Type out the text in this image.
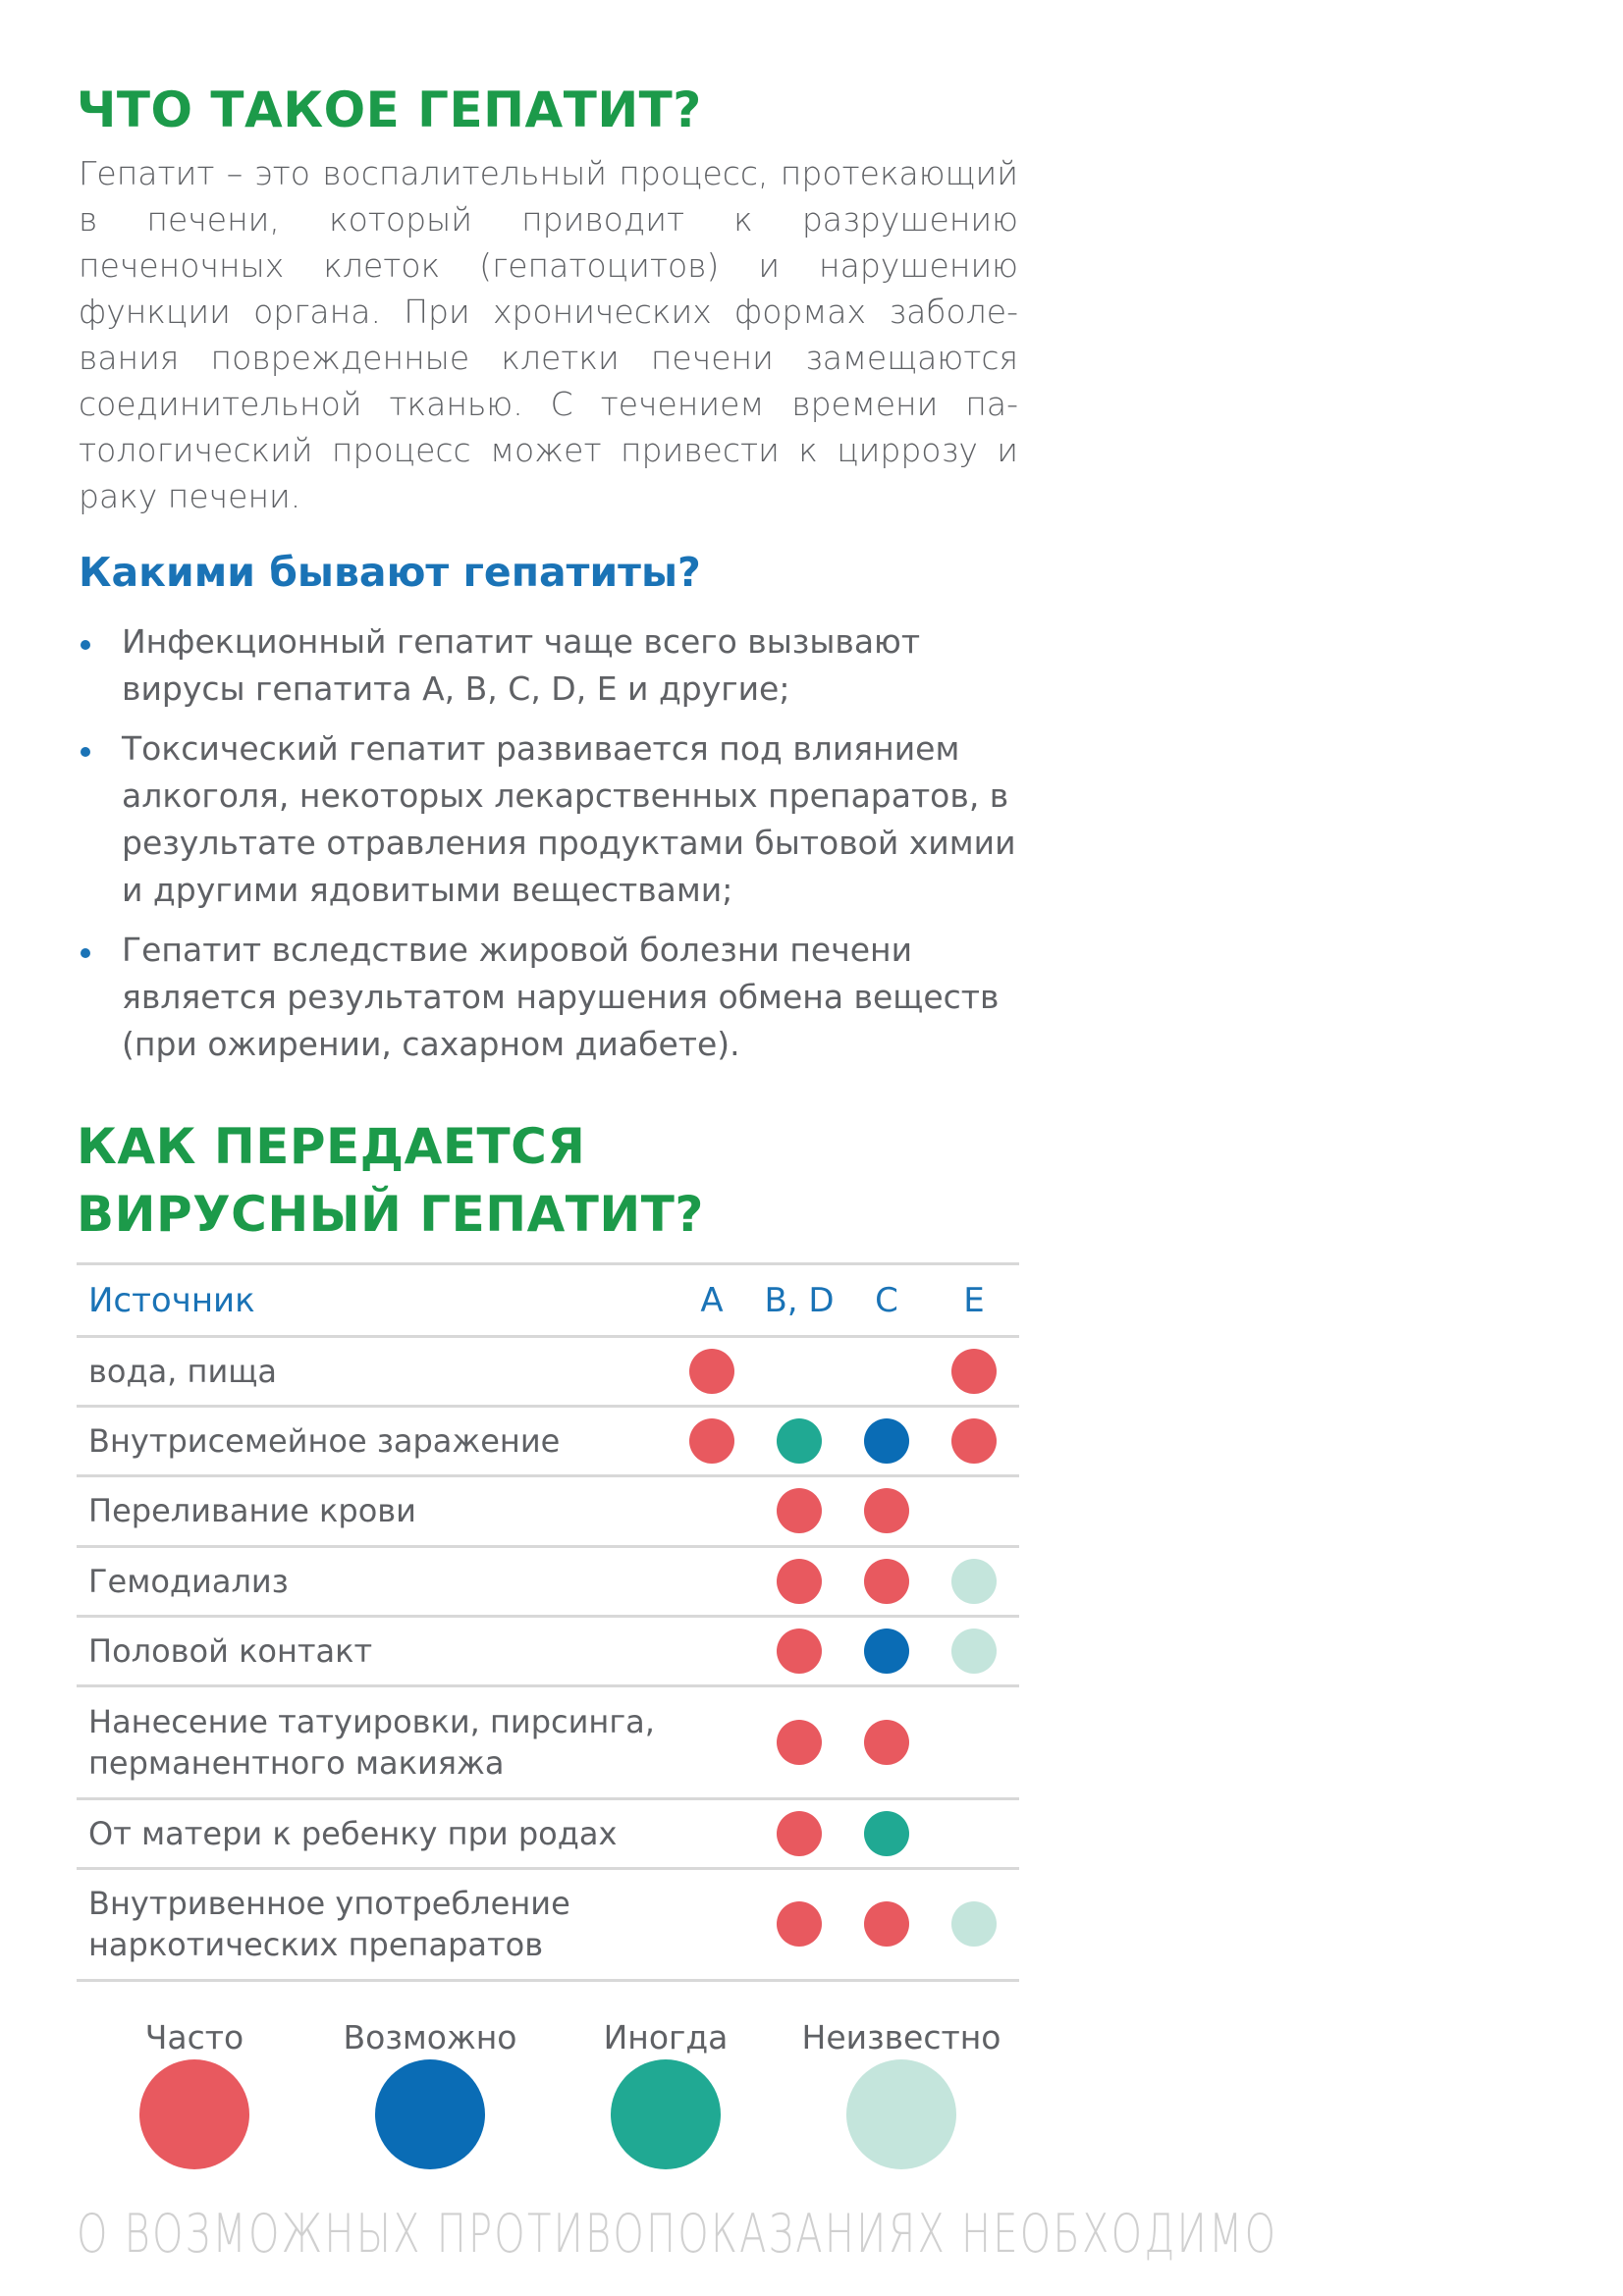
ЧТО ТАКОЕ ГЕПАТИТ?

Гепатит – это воспалительный процесс, протекающий в печени, который приводит к разрушению печеночных клеток (гепатоцитов) и нарушению функции органа. При хронических формах заболевания поврежденные клетки печени замещаются соединительной тканью. С течением времени патологический процесс может привести к циррозу и раку печени.

Какими бывают гепатиты?
Инфекционный гепатит чаще всего вызывают вирусы гепатита А, В, С, D, Е и другие;
Токсический гепатит развивается под влиянием алкоголя, некоторых лекарственных препаратов, в результате отравления продуктами бытовой химии и другими ядовитыми веществами;
Гепатит вследствие жировой болезни печени является результатом нарушения обмена веществ (при ожирении, сахарном диабете).
КАК ПЕРЕДАЕТСЯ
ВИРУСНЫЙ ГЕПАТИТ?
Источник	A	B, D	C	E
вода, пища
Внутрисемейное заражение
Переливание крови
Гемодиализ
Половой контакт
Нанесение татуировки, пирсинга,
перманентного макияжа
От матери к ребенку при родах
Внутривенное употребление
наркотических препаратов
Часто	Возможно	Иногда	Неизвестно
О ВОЗМОЖНЫХ ПРОТИВОПОКАЗАНИЯХ НЕОБХОДИМО
